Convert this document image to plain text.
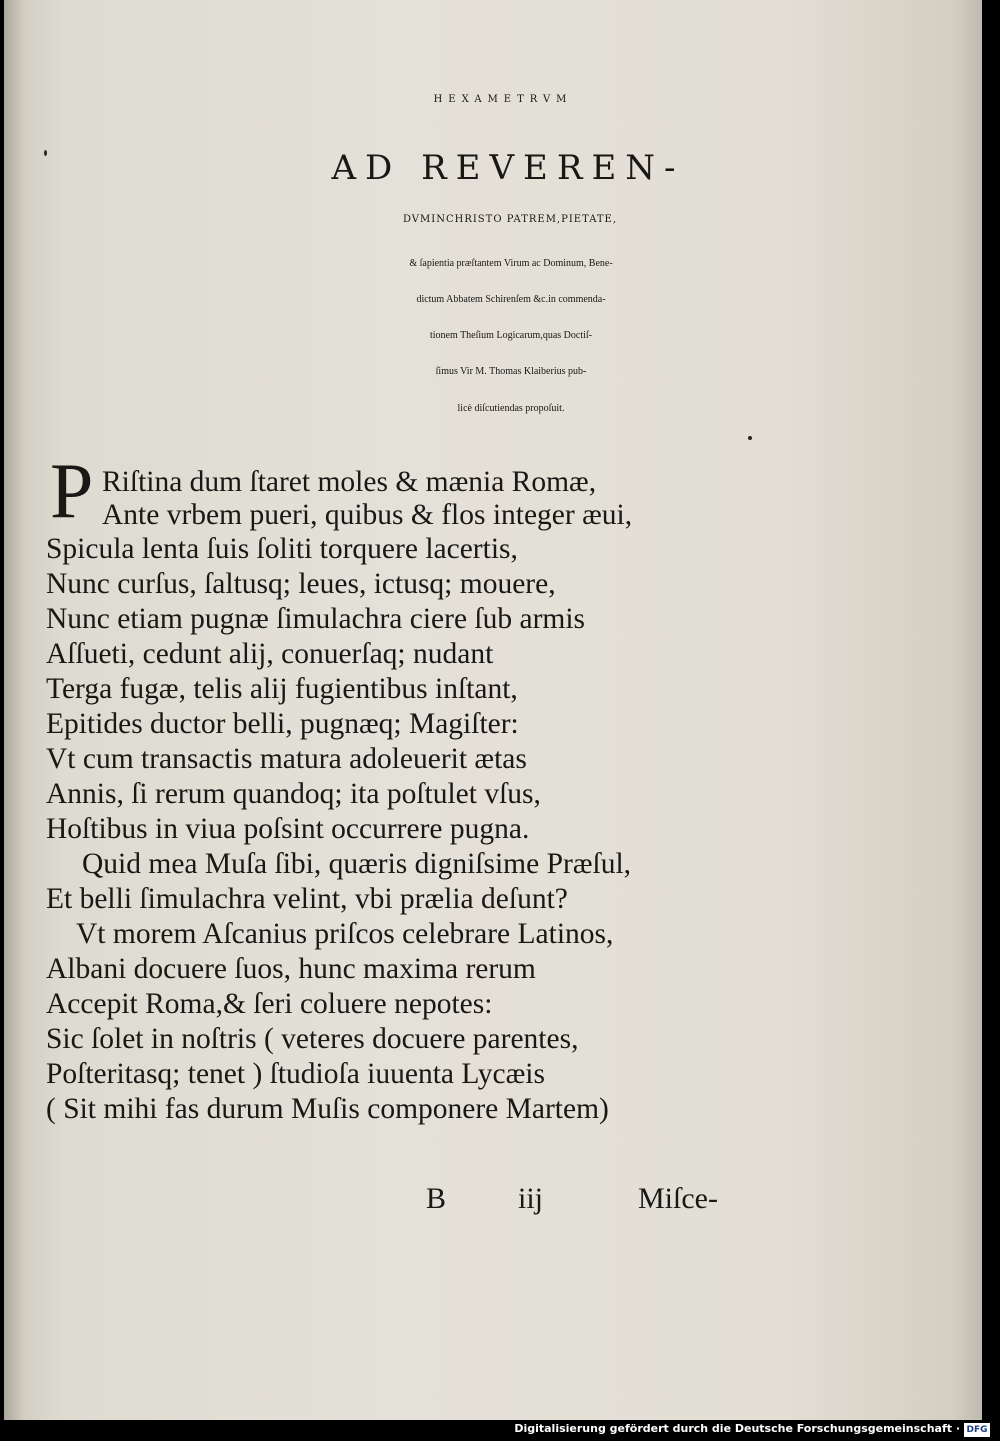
HEXAMETRVM
AD REVEREN-
DVMINCHRISTO PATREM,PIETATE,
& ſapientia præſtantem Virum ac Dominum, Bene-
dictum Abbatem Schirenſem &c.in commenda-
tionem Theſium Logicarum,quas Doctiſ-
ſimus Vir M. Thomas Klaiberius pub-
licè diſcutiendas propoſuit.
P Riſtina dum ſtaret moles & mænia Romæ,
Ante vrbem pueri, quibus & flos integer æui,
Spicula lenta ſuis ſoliti torquere lacertis,
Nunc curſus, ſaltusq; leues, ictusq; mouere,
Nunc etiam pugnæ ſimulachra ciere ſub armis
Aſſueti, cedunt alij, conuerſaq; nudant
Terga fugæ, telis alij fugientibus inſtant,
Epitides ductor belli, pugnæq; Magiſter:
Vt cum transactis matura adoleuerit ætas
Annis, ſi rerum quandoq; ita poſtulet vſus,
Hoſtibus in viua poſsint occurrere pugna.
Quid mea Muſa ſibi, quæris digniſsime Præſul,
Et belli ſimulachra velint, vbi prælia deſunt?
Vt morem Aſcanius priſcos celebrare Latinos,
Albani docuere ſuos, hunc maxima rerum
Accepit Roma,& ſeri coluere nepotes:
Sic ſolet in noſtris ( veteres docuere parentes,
Poſteritasq; tenet ) ſtudioſa iuuenta Lycæis
( Sit mihi fas durum Muſis componere Martem)
B iij	Miſce-
Digitalisierung gefördert durch die Deutsche Forschungsgemeinschaft · DFG
